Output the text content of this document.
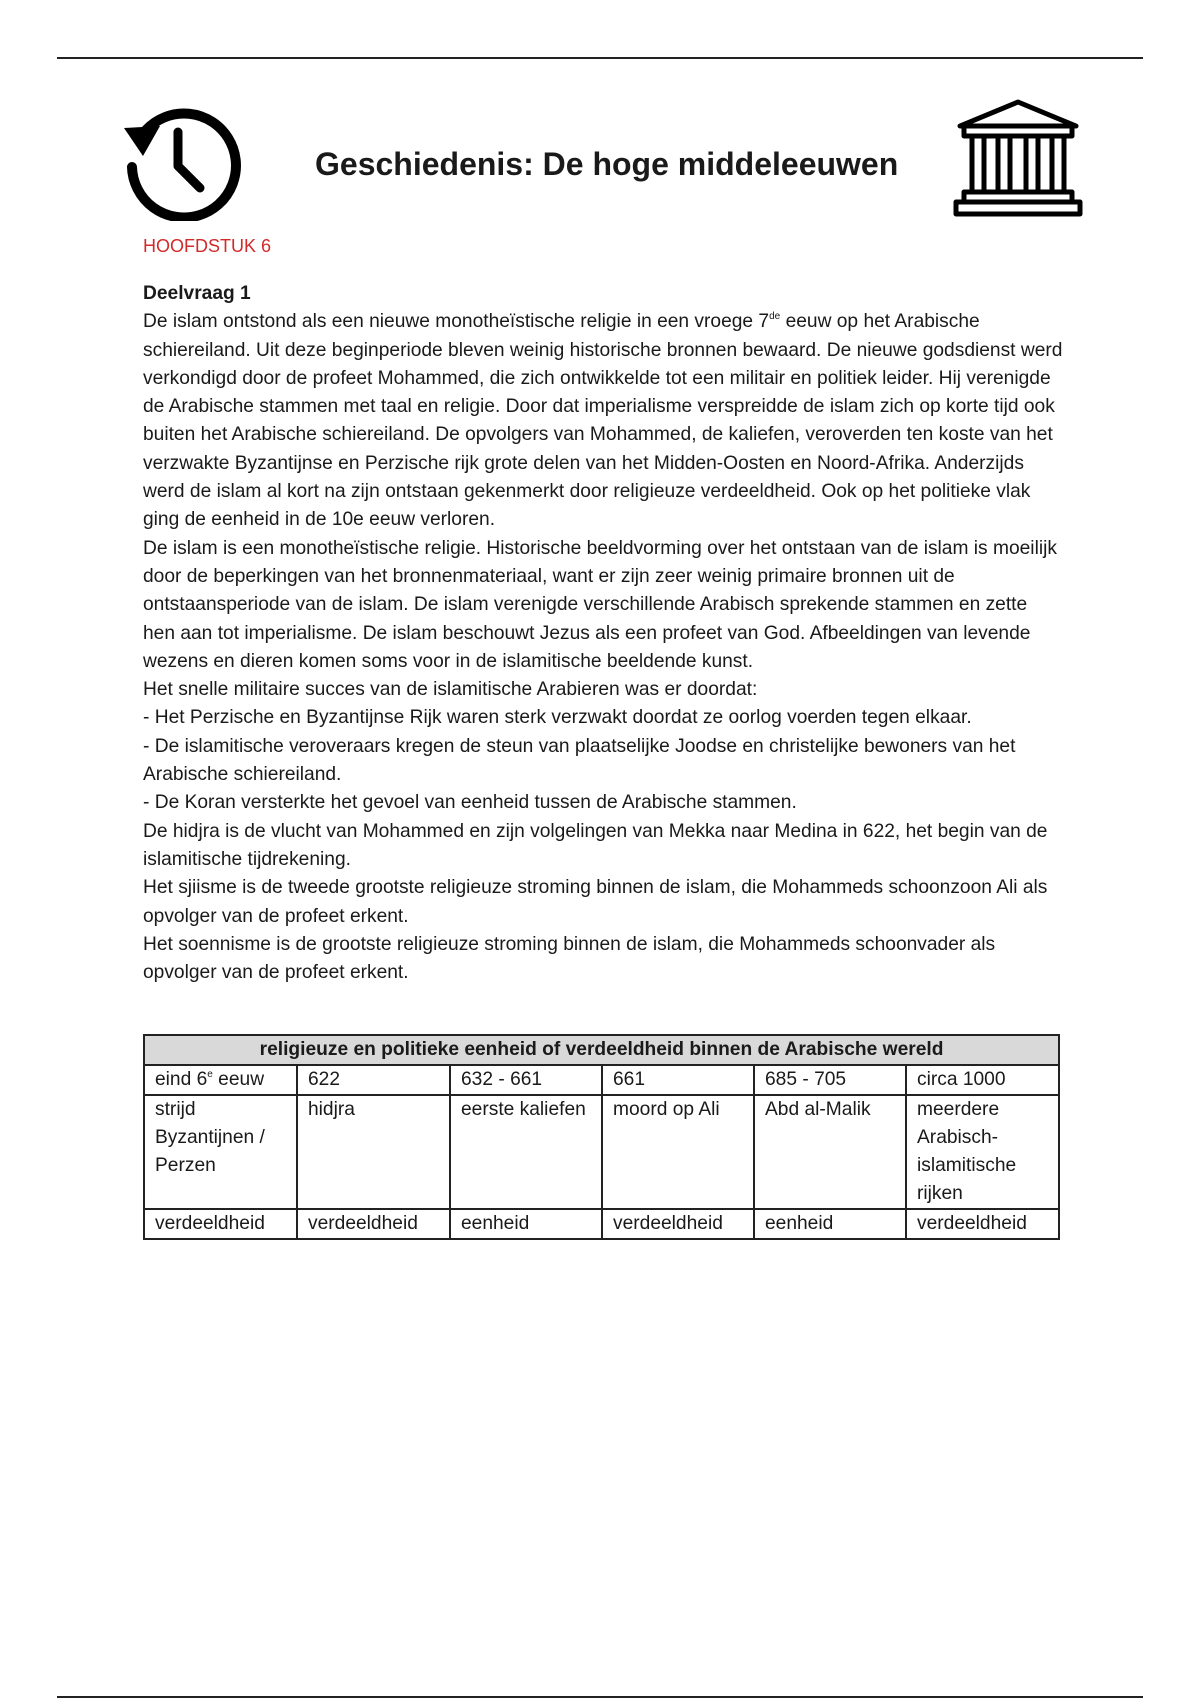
Geschiedenis: De hoge middeleeuwen
HOOFDSTUK 6

Deelvraag 1

De islam ontstond als een nieuwe monotheïstische religie in een vroege 7de eeuw op het Arabische schiereiland. Uit deze beginperiode bleven weinig historische bronnen bewaard. De nieuwe godsdienst werd verkondigd door de profeet Mohammed, die zich ontwikkelde tot een militair en politiek leider. Hij verenigde de Arabische stammen met taal en religie. Door dat imperialisme verspreidde de islam zich op korte tijd ook buiten het Arabische schiereiland. De opvolgers van Mohammed, de kaliefen, veroverden ten koste van het verzwakte Byzantijnse en Perzische rijk grote delen van het Midden-Oosten en Noord-Afrika. Anderzijds werd de islam al kort na zijn ontstaan gekenmerkt door religieuze verdeeldheid. Ook op het politieke vlak ging de eenheid in de 10e eeuw verloren.

De islam is een monotheïstische religie. Historische beeldvorming over het ontstaan van de islam is moeilijk door de beperkingen van het bronnenmateriaal, want er zijn zeer weinig primaire bronnen uit de ontstaansperiode van de islam. De islam verenigde verschillende Arabisch sprekende stammen en zette hen aan tot imperialisme. De islam beschouwt Jezus als een profeet van God. Afbeeldingen van levende wezens en dieren komen soms voor in de islamitische beeldende kunst.

Het snelle militaire succes van de islamitische Arabieren was er doordat:

- Het Perzische en Byzantijnse Rijk waren sterk verzwakt doordat ze oorlog voerden tegen elkaar.

- De islamitische veroveraars kregen de steun van plaatselijke Joodse en christelijke bewoners van het Arabische schiereiland.

- De Koran versterkte het gevoel van eenheid tussen de Arabische stammen.

De hidjra is de vlucht van Mohammed en zijn volgelingen van Mekka naar Medina in 622, het begin van de islamitische tijdrekening.

Het sjiisme is de tweede grootste religieuze stroming binnen de islam, die Mohammeds schoonzoon Ali als opvolger van de profeet erkent.

Het soennisme is de grootste religieuze stroming binnen de islam, die Mohammeds schoonvader als opvolger van de profeet erkent.

religieuze en politieke eenheid of verdeeldheid binnen de Arabische wereld					
eind 6e eeuw	622	632 - 661	661	685 - 705	circa 1000
strijd Byzantijnen / Perzen	hidjra	eerste kaliefen	moord op Ali	Abd al-Malik	meerdere Arabisch-islamitische rijken
verdeeldheid	verdeeldheid	eenheid	verdeeldheid	eenheid	verdeeldheid
